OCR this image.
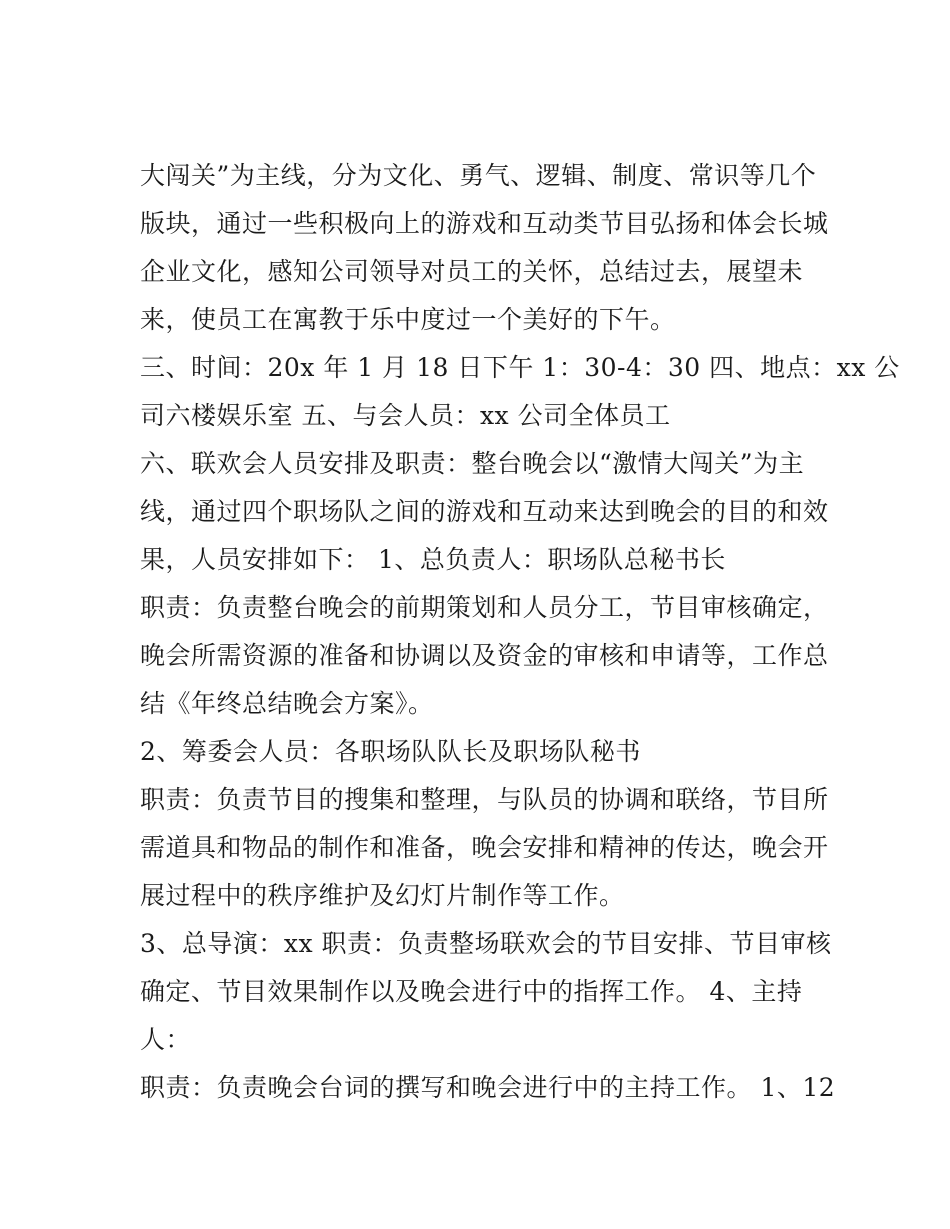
大闯关”为主线，分为文化、勇气、逻辑、制度、常识等几个
版块，通过一些积极向上的游戏和互动类节目弘扬和体会长城
企业文化，感知公司领导对员工的关怀，总结过去，展望未
来，使员工在寓教于乐中度过一个美好的下午。
三、时间：20x 年 1 月 18 日下午 1：30-4：30 四、地点：xx 公
司六楼娱乐室 五、与会人员：xx 公司全体员工
六、联欢会人员安排及职责：整台晚会以“激情大闯关”为主
线，通过四个职场队之间的游戏和互动来达到晚会的目的和效
果，人员安排如下： 1、总负责人：职场队总秘书长
职责：负责整台晚会的前期策划和人员分工，节目审核确定，
晚会所需资源的准备和协调以及资金的审核和申请等，工作总
结《年终总结晚会方案》。
2、筹委会人员：各职场队队长及职场队秘书
职责：负责节目的搜集和整理，与队员的协调和联络，节目所
需道具和物品的制作和准备，晚会安排和精神的传达，晚会开
展过程中的秩序维护及幻灯片制作等工作。
3、总导演：xx 职责：负责整场联欢会的节目安排、节目审核
确定、节目效果制作以及晚会进行中的指挥工作。 4、主持
人：
职责：负责晚会台词的撰写和晚会进行中的主持工作。 1、12
